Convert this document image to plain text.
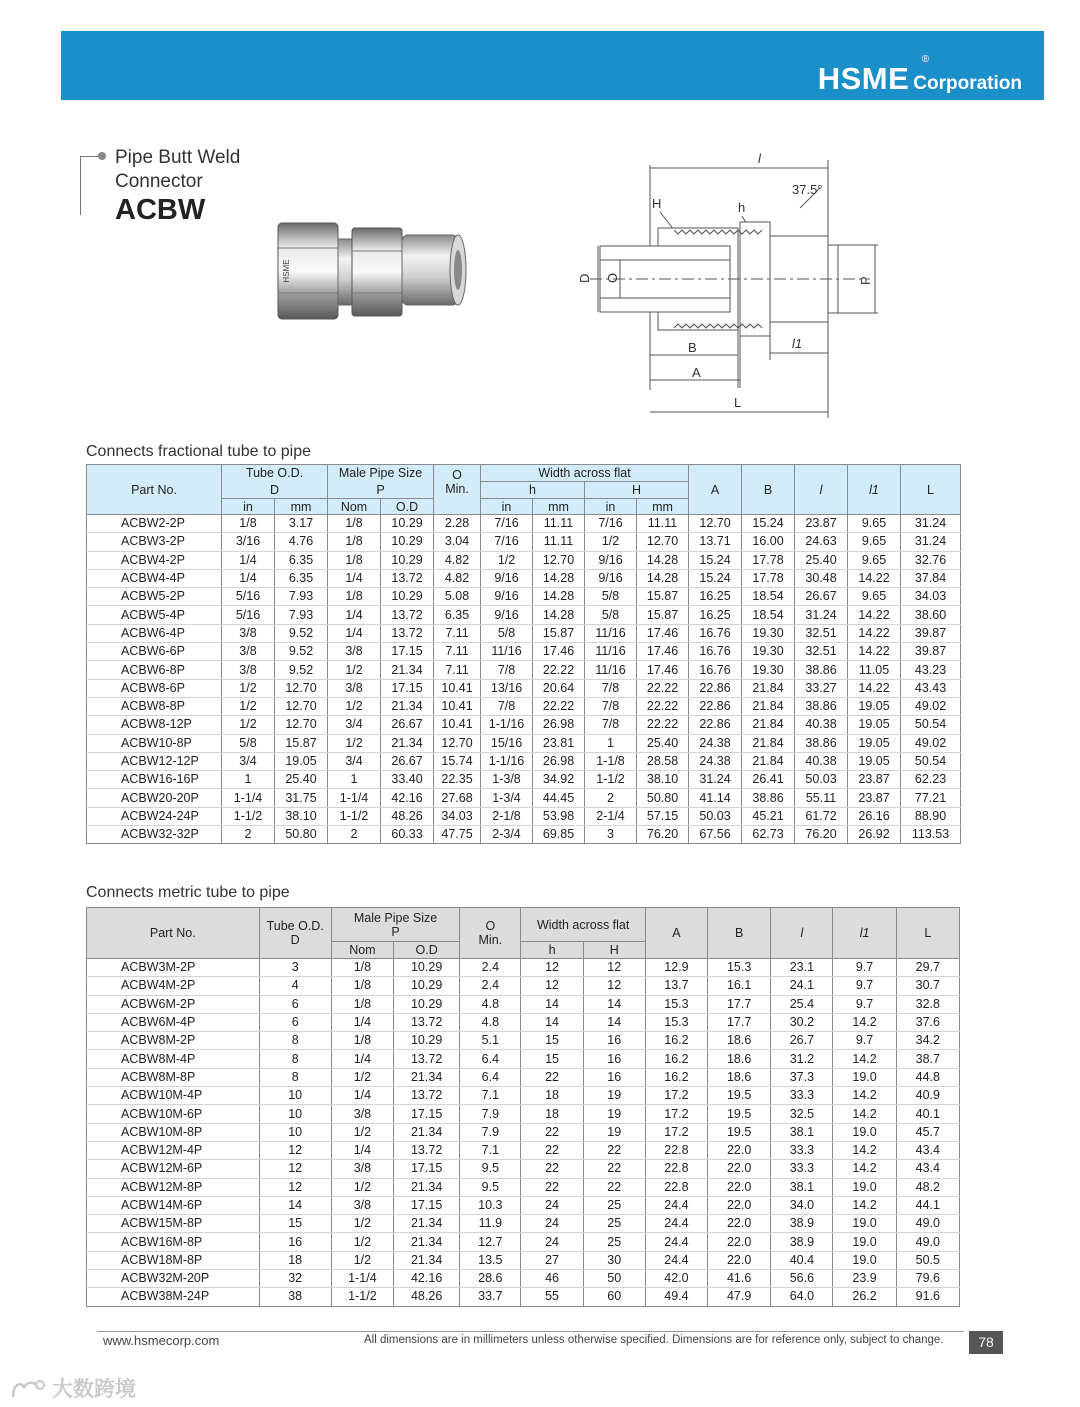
HSME Corporation
®
Pipe Butt Weld
Connector
ACBW
HSME
l
37.5°
H	h
D O	P
B	l1
A
L
Connects fractional tube to pipe
Part No.	Tube O.D.		Male Pipe Size		O
Min.	Width across flat				A	B	l	l1	L
	D		P			h		H						
	in	mm	Nom	O.D		in	mm	in	mm					
ACBW2-2P	1/8	3.17	1/8	10.29	2.28	7/16	11.11	7/16	11.11	12.70	15.24	23.87	9.65	31.24
ACBW3-2P	3/16	4.76	1/8	10.29	3.04	7/16	11.11	1/2	12.70	13.71	16.00	24.63	9.65	31.24
ACBW4-2P	1/4	6.35	1/8	10.29	4.82	1/2	12.70	9/16	14.28	15.24	17.78	25.40	9.65	32.76
ACBW4-4P	1/4	6.35	1/4	13.72	4.82	9/16	14.28	9/16	14.28	15.24	17.78	30.48	14.22	37.84
ACBW5-2P	5/16	7.93	1/8	10.29	5.08	9/16	14.28	5/8	15.87	16.25	18.54	26.67	9.65	34.03
ACBW5-4P	5/16	7.93	1/4	13.72	6.35	9/16	14.28	5/8	15.87	16.25	18.54	31.24	14.22	38.60
ACBW6-4P	3/8	9.52	1/4	13.72	7.11	5/8	15.87	11/16	17.46	16.76	19.30	32.51	14.22	39.87
ACBW6-6P	3/8	9.52	3/8	17.15	7.11	11/16	17.46	11/16	17.46	16.76	19.30	32.51	14.22	39.87
ACBW6-8P	3/8	9.52	1/2	21.34	7.11	7/8	22.22	11/16	17.46	16.76	19.30	38.86	11.05	43.23
ACBW8-6P	1/2	12.70	3/8	17.15	10.41	13/16	20.64	7/8	22.22	22.86	21.84	33.27	14.22	43.43
ACBW8-8P	1/2	12.70	1/2	21.34	10.41	7/8	22.22	7/8	22.22	22.86	21.84	38.86	19.05	49.02
ACBW8-12P	1/2	12.70	3/4	26.67	10.41	1-1/16	26.98	7/8	22.22	22.86	21.84	40.38	19.05	50.54
ACBW10-8P	5/8	15.87	1/2	21.34	12.70	15/16	23.81	1	25.40	24.38	21.84	38.86	19.05	49.02
ACBW12-12P	3/4	19.05	3/4	26.67	15.74	1-1/16	26.98	1-1/8	28.58	24.38	21.84	40.38	19.05	50.54
ACBW16-16P	1	25.40	1	33.40	22.35	1-3/8	34.92	1-1/2	38.10	31.24	26.41	50.03	23.87	62.23
ACBW20-20P	1-1/4	31.75	1-1/4	42.16	27.68	1-3/4	44.45	2	50.80	41.14	38.86	55.11	23.87	77.21
ACBW24-24P	1-1/2	38.10	1-1/2	48.26	34.03	2-1/8	53.98	2-1/4	57.15	50.03	45.21	61.72	26.16	88.90
ACBW32-32P	2	50.80	2	60.33	47.75	2-3/4	69.85	3	76.20	67.56	62.73	76.20	26.92	113.53
Connects metric tube to pipe
Part No.	Tube O.D.
D	Male Pipe Size
P		O
Min.	Width across flat		A	B	l	l1	L
		Nom	O.D		h	H					
ACBW3M-2P	3	1/8	10.29	2.4	12	12	12.9	15.3	23.1	9.7	29.7
ACBW4M-2P	4	1/8	10.29	2.4	12	12	13.7	16.1	24.1	9.7	30.7
ACBW6M-2P	6	1/8	10.29	4.8	14	14	15.3	17.7	25.4	9.7	32.8
ACBW6M-4P	6	1/4	13.72	4.8	14	14	15.3	17.7	30.2	14.2	37.6
ACBW8M-2P	8	1/8	10.29	5.1	15	16	16.2	18.6	26.7	9.7	34.2
ACBW8M-4P	8	1/4	13.72	6.4	15	16	16.2	18.6	31.2	14.2	38.7
ACBW8M-8P	8	1/2	21.34	6.4	22	16	16.2	18.6	37.3	19.0	44.8
ACBW10M-4P	10	1/4	13.72	7.1	18	19	17.2	19.5	33.3	14.2	40.9
ACBW10M-6P	10	3/8	17.15	7.9	18	19	17.2	19.5	32.5	14.2	40.1
ACBW10M-8P	10	1/2	21.34	7.9	22	19	17.2	19.5	38.1	19.0	45.7
ACBW12M-4P	12	1/4	13.72	7.1	22	22	22.8	22.0	33.3	14.2	43.4
ACBW12M-6P	12	3/8	17.15	9.5	22	22	22.8	22.0	33.3	14.2	43.4
ACBW12M-8P	12	1/2	21.34	9.5	22	22	22.8	22.0	38.1	19.0	48.2
ACBW14M-6P	14	3/8	17.15	10.3	24	25	24.4	22.0	34.0	14.2	44.1
ACBW15M-8P	15	1/2	21.34	11.9	24	25	24.4	22.0	38.9	19.0	49.0
ACBW16M-8P	16	1/2	21.34	12.7	24	25	24.4	22.0	38.9	19.0	49.0
ACBW18M-8P	18	1/2	21.34	13.5	27	30	24.4	22.0	40.4	19.0	50.5
ACBW32M-20P	32	1-1/4	42.16	28.6	46	50	42.0	41.6	56.6	23.9	79.6
ACBW38M-24P	38	1-1/2	48.26	33.7	55	60	49.4	47.9	64.0	26.2	91.6
www.hsmecorp.com	All dimensions are in millimeters unless otherwise specified. Dimensions are for reference only, subject to change.	78
大数跨境
